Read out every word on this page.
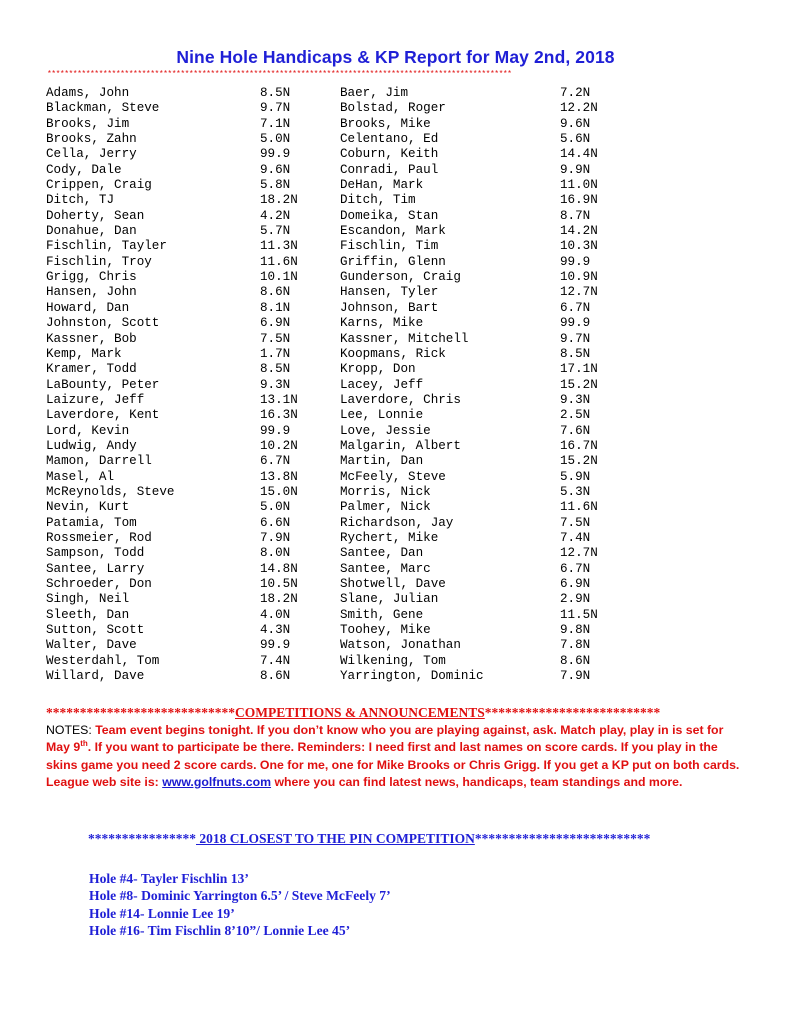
Nine Hole Handicaps & KP Report for May 2nd, 2018
************************************************************************************************************
Adams, John	8.5N	Baer, Jim	7.2N
Blackman, Steve	9.7N	Bolstad, Roger	12.2N
Brooks, Jim	7.1N	Brooks, Mike	9.6N
Brooks, Zahn	5.0N	Celentano, Ed	5.6N
Cella, Jerry	99.9	Coburn, Keith	14.4N
Cody, Dale	9.6N	Conradi, Paul	9.9N
Crippen, Craig	5.8N	DeHan, Mark	11.0N
Ditch, TJ	18.2N	Ditch, Tim	16.9N
Doherty, Sean	4.2N	Domeika, Stan	8.7N
Donahue, Dan	5.7N	Escandon, Mark	14.2N
Fischlin, Tayler	11.3N	Fischlin, Tim	10.3N
Fischlin, Troy	11.6N	Griffin, Glenn	99.9
Grigg, Chris	10.1N	Gunderson, Craig	10.9N
Hansen, John	8.6N	Hansen, Tyler	12.7N
Howard, Dan	8.1N	Johnson, Bart	6.7N
Johnston, Scott	6.9N	Karns, Mike	99.9
Kassner, Bob	7.5N	Kassner, Mitchell	9.7N
Kemp, Mark	1.7N	Koopmans, Rick	8.5N
Kramer, Todd	8.5N	Kropp, Don	17.1N
LaBounty, Peter	9.3N	Lacey, Jeff	15.2N
Laizure, Jeff	13.1N	Laverdore, Chris	9.3N
Laverdore, Kent	16.3N	Lee, Lonnie	2.5N
Lord, Kevin	99.9	Love, Jessie	7.6N
Ludwig, Andy	10.2N	Malgarin, Albert	16.7N
Mamon, Darrell	6.7N	Martin, Dan	15.2N
Masel, Al	13.8N	McFeely, Steve	5.9N
McReynolds, Steve	15.0N	Morris, Nick	5.3N
Nevin, Kurt	5.0N	Palmer, Nick	11.6N
Patamia, Tom	6.6N	Richardson, Jay	7.5N
Rossmeier, Rod	7.9N	Rychert, Mike	7.4N
Sampson, Todd	8.0N	Santee, Dan	12.7N
Santee, Larry	14.8N	Santee, Marc	6.7N
Schroeder, Don	10.5N	Shotwell, Dave	6.9N
Singh, Neil	18.2N	Slane, Julian	2.9N
Sleeth, Dan	4.0N	Smith, Gene	11.5N
Sutton, Scott	4.3N	Toohey, Mike	9.8N
Walter, Dave	99.9	Watson, Jonathan	7.8N
Westerdahl, Tom	7.4N	Wilkening, Tom	8.6N
Willard, Dave	8.6N	Yarrington, Dominic	7.9N
****************************COMPETITIONS & ANNOUNCEMENTS**************************
NOTES: Team event begins tonight. If you don’t know who you are playing against, ask. Match play, play in is set for May 9th. If you want to participate be there. Reminders: I need first and last names on score cards. If you play in the skins game you need 2 score cards. One for me, one for Mike Brooks or Chris Grigg. If you get a KP put on both cards. League web site is: www.golfnuts.com where you can find latest news, handicaps, team standings and more.
**************** 2018 CLOSEST TO THE PIN COMPETITION**************************
Hole #4- Tayler Fischlin 13’
Hole #8- Dominic Yarrington 6.5’ / Steve McFeely 7’
Hole #14- Lonnie Lee 19’
Hole #16- Tim Fischlin 8’10”/ Lonnie Lee 45’
